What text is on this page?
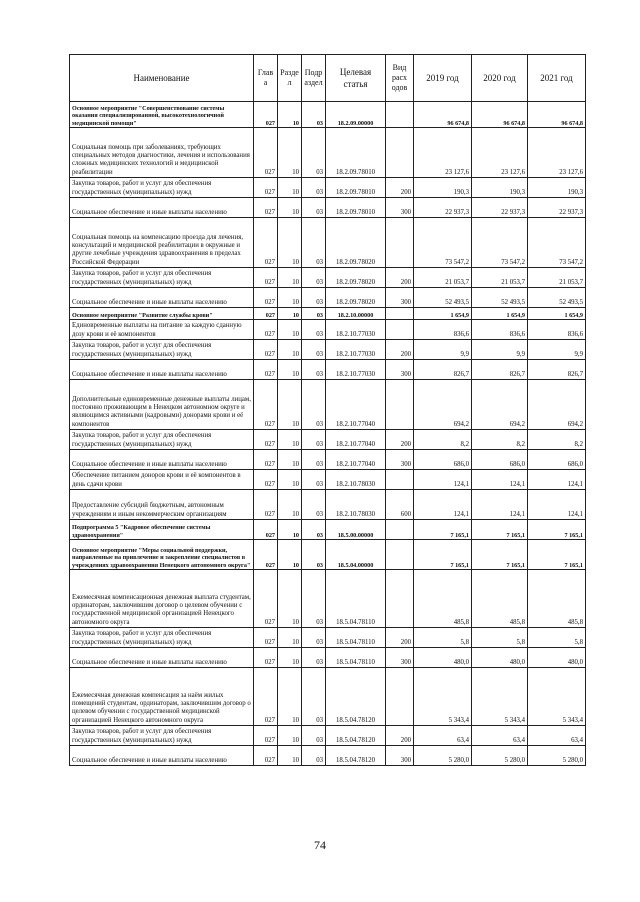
Наименование	Глав а	Разде л	Подр аздел	Целевая статья	Вид расх одов	2019 год	2020 год	2021 год
Основное мероприятие "Совершенствование системы оказания специализированной, высокотехнологичной медицинской помощи"	027	10	03	18.2.09.00000		96 674,8	96 674,8	96 674,8
Социальная помощь при заболеваниях, требующих специальных методов диагностики, лечения и использования сложных медицинских технологий и медицинской реабилитации	027	10	03	18.2.09.78010		23 127,6	23 127,6	23 127,6
Закупка товаров, работ и услуг для обеспечения государственных (муниципальных) нужд	027	10	03	18.2.09.78010	200	190,3	190,3	190,3
Социальное обеспечение и иные выплаты населению	027	10	03	18.2.09.78010	300	22 937,3	22 937,3	22 937,3
Социальная помощь на компенсацию проезда для лечения, консультаций и медицинской реабилитации в окружные и другие лечебные учреждения здравоохранения в пределах Российской Федерации	027	10	03	18.2.09.78020		73 547,2	73 547,2	73 547,2
Закупка товаров, работ и услуг для обеспечения государственных (муниципальных) нужд	027	10	03	18.2.09.78020	200	21 053,7	21 053,7	21 053,7
Социальное обеспечение и иные выплаты населению	027	10	03	18.2.09.78020	300	52 493,5	52 493,5	52 493,5
Основное мероприятие "Развитие службы крови"	027	10	03	18.2.10.00000		1 654,9	1 654,9	1 654,9
Единовременные выплаты на питание за каждую сданную дозу крови и её компонентов	027	10	03	18.2.10.77030		836,6	836,6	836,6
Закупка товаров, работ и услуг для обеспечения государственных (муниципальных) нужд	027	10	03	18.2.10.77030	200	9,9	9,9	9,9
Социальное обеспечение и иные выплаты населению	027	10	03	18.2.10.77030	300	826,7	826,7	826,7
Дополнительные единовременные денежные выплаты лицам, постоянно проживающим в Ненецком автономном округе и являющимся активными (кадровыми) донорами крови и её компонентов	027	10	03	18.2.10.77040		694,2	694,2	694,2
Закупка товаров, работ и услуг для обеспечения государственных (муниципальных) нужд	027	10	03	18.2.10.77040	200	8,2	8,2	8,2
Социальное обеспечение и иные выплаты населению	027	10	03	18.2.10.77040	300	686,0	686,0	686,0
Обеспечение питанием доноров крови и её компонентов в день сдачи крови	027	10	03	18.2.10.78030		124,1	124,1	124,1
Предоставление субсидий бюджетным, автономным учреждениям и иным некоммерческим организациям	027	10	03	18.2.10.78030	600	124,1	124,1	124,1
Подпрограмма 5 "Кадровое обеспечение системы здравоохранения"	027	10	03	18.5.00.00000		7 165,1	7 165,1	7 165,1
Основное мероприятие "Меры социальной поддержки, направленные на привлечение и закрепление специалистов в учреждениях здравоохранения Ненецкого автономного округа"	027	10	03	18.5.04.00000		7 165,1	7 165,1	7 165,1
Ежемесячная компенсационная денежная выплата студентам, ординаторам, заключившим договор о целевом обучении с государственной медицинской организацией Ненецкого автономного округа	027	10	03	18.5.04.78110		485,8	485,8	485,8
Закупка товаров, работ и услуг для обеспечения государственных (муниципальных) нужд	027	10	03	18.5.04.78110	200	5,8	5,8	5,8
Социальное обеспечение и иные выплаты населению	027	10	03	18.5.04.78110	300	480,0	480,0	480,0
Ежемесячная денежная компенсация за наём жилых помещений студентам, ординаторам, заключившим договор о целевом обучении с государственной медицинской организацией Ненецкого автономного округа	027	10	03	18.5.04.78120		5 343,4	5 343,4	5 343,4
Закупка товаров, работ и услуг для обеспечения государственных (муниципальных) нужд	027	10	03	18.5.04.78120	200	63,4	63,4	63,4
Социальное обеспечение и иные выплаты населению	027	10	03	18.5.04.78120	300	5 280,0	5 280,0	5 280,0
74
